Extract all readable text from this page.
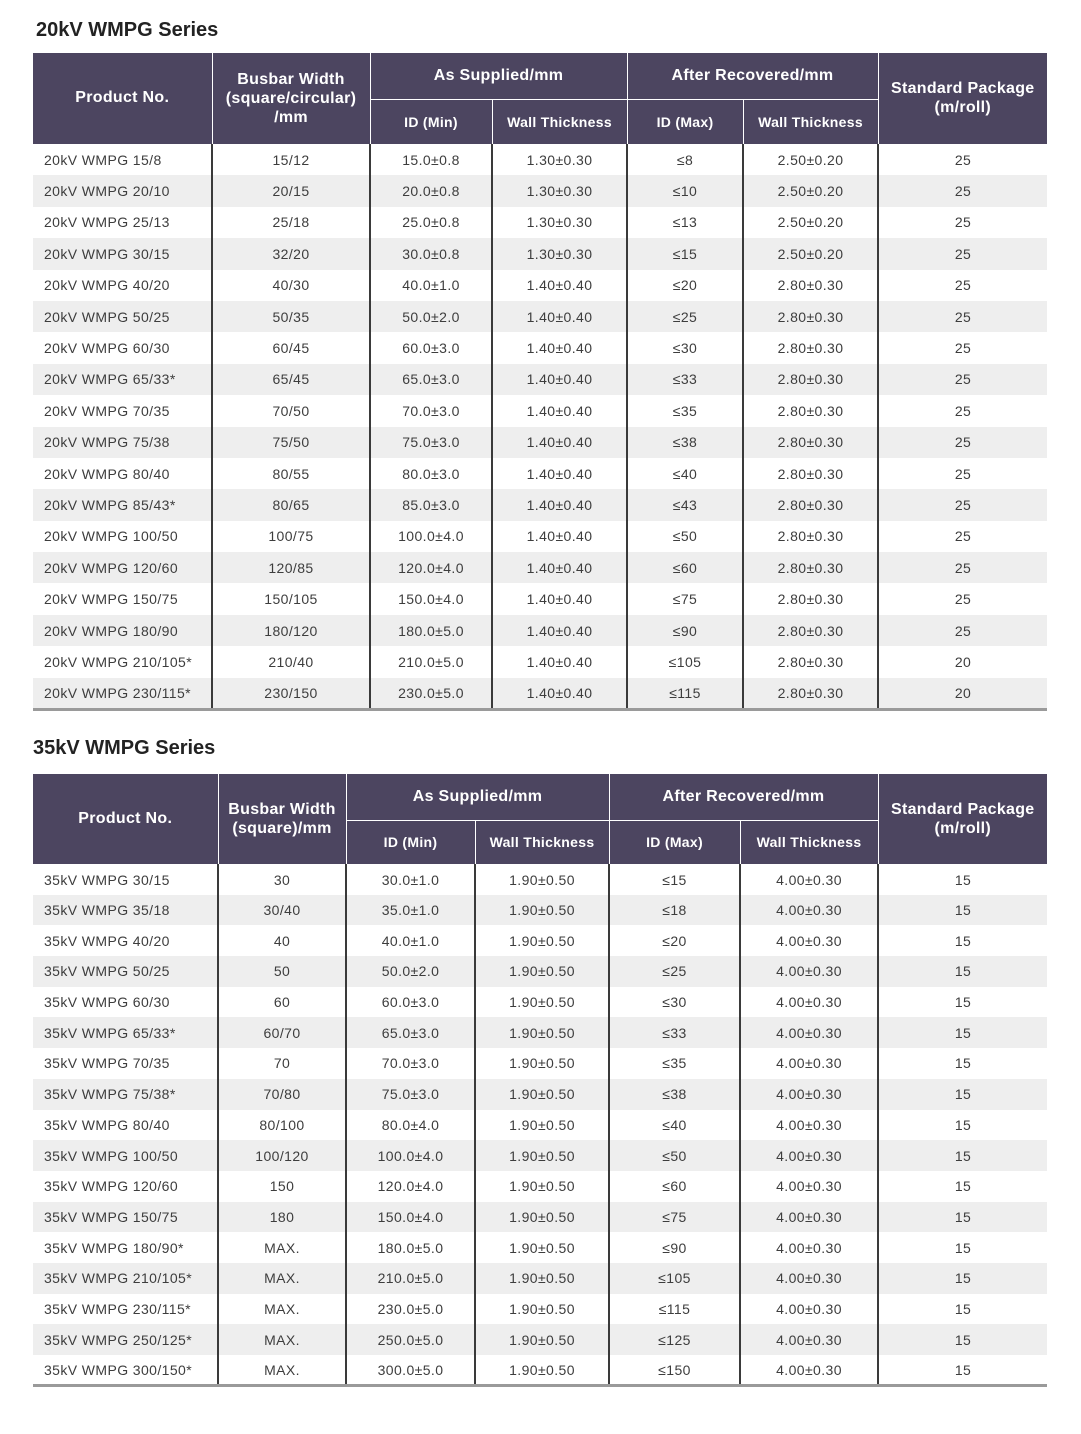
20kV WMPG Series
Product No.	Busbar Width (square/circular) /mm	As Supplied/mm		After Recovered/mm		Standard Package (m/roll)
		ID (Min)	Wall Thickness	ID (Max)	Wall Thickness	
20kV WMPG 15/8	15/12	15.0±0.8	1.30±0.30	≤8	2.50±0.20	25
20kV WMPG 20/10	20/15	20.0±0.8	1.30±0.30	≤10	2.50±0.20	25
20kV WMPG 25/13	25/18	25.0±0.8	1.30±0.30	≤13	2.50±0.20	25
20kV WMPG 30/15	32/20	30.0±0.8	1.30±0.30	≤15	2.50±0.20	25
20kV WMPG 40/20	40/30	40.0±1.0	1.40±0.40	≤20	2.80±0.30	25
20kV WMPG 50/25	50/35	50.0±2.0	1.40±0.40	≤25	2.80±0.30	25
20kV WMPG 60/30	60/45	60.0±3.0	1.40±0.40	≤30	2.80±0.30	25
20kV WMPG 65/33*	65/45	65.0±3.0	1.40±0.40	≤33	2.80±0.30	25
20kV WMPG 70/35	70/50	70.0±3.0	1.40±0.40	≤35	2.80±0.30	25
20kV WMPG 75/38	75/50	75.0±3.0	1.40±0.40	≤38	2.80±0.30	25
20kV WMPG 80/40	80/55	80.0±3.0	1.40±0.40	≤40	2.80±0.30	25
20kV WMPG 85/43*	80/65	85.0±3.0	1.40±0.40	≤43	2.80±0.30	25
20kV WMPG 100/50	100/75	100.0±4.0	1.40±0.40	≤50	2.80±0.30	25
20kV WMPG 120/60	120/85	120.0±4.0	1.40±0.40	≤60	2.80±0.30	25
20kV WMPG 150/75	150/105	150.0±4.0	1.40±0.40	≤75	2.80±0.30	25
20kV WMPG 180/90	180/120	180.0±5.0	1.40±0.40	≤90	2.80±0.30	25
20kV WMPG 210/105*	210/40	210.0±5.0	1.40±0.40	≤105	2.80±0.30	20
20kV WMPG 230/115*	230/150	230.0±5.0	1.40±0.40	≤115	2.80±0.30	20
35kV WMPG Series
Product No.	Busbar Width (square)/mm	As Supplied/mm		After Recovered/mm		Standard Package (m/roll)
		ID (Min)	Wall Thickness	ID (Max)	Wall Thickness	
35kV WMPG 30/15	30	30.0±1.0	1.90±0.50	≤15	4.00±0.30	15
35kV WMPG 35/18	30/40	35.0±1.0	1.90±0.50	≤18	4.00±0.30	15
35kV WMPG 40/20	40	40.0±1.0	1.90±0.50	≤20	4.00±0.30	15
35kV WMPG 50/25	50	50.0±2.0	1.90±0.50	≤25	4.00±0.30	15
35kV WMPG 60/30	60	60.0±3.0	1.90±0.50	≤30	4.00±0.30	15
35kV WMPG 65/33*	60/70	65.0±3.0	1.90±0.50	≤33	4.00±0.30	15
35kV WMPG 70/35	70	70.0±3.0	1.90±0.50	≤35	4.00±0.30	15
35kV WMPG 75/38*	70/80	75.0±3.0	1.90±0.50	≤38	4.00±0.30	15
35kV WMPG 80/40	80/100	80.0±4.0	1.90±0.50	≤40	4.00±0.30	15
35kV WMPG 100/50	100/120	100.0±4.0	1.90±0.50	≤50	4.00±0.30	15
35kV WMPG 120/60	150	120.0±4.0	1.90±0.50	≤60	4.00±0.30	15
35kV WMPG 150/75	180	150.0±4.0	1.90±0.50	≤75	4.00±0.30	15
35kV WMPG 180/90*	MAX.	180.0±5.0	1.90±0.50	≤90	4.00±0.30	15
35kV WMPG 210/105*	MAX.	210.0±5.0	1.90±0.50	≤105	4.00±0.30	15
35kV WMPG 230/115*	MAX.	230.0±5.0	1.90±0.50	≤115	4.00±0.30	15
35kV WMPG 250/125*	MAX.	250.0±5.0	1.90±0.50	≤125	4.00±0.30	15
35kV WMPG 300/150*	MAX.	300.0±5.0	1.90±0.50	≤150	4.00±0.30	15
